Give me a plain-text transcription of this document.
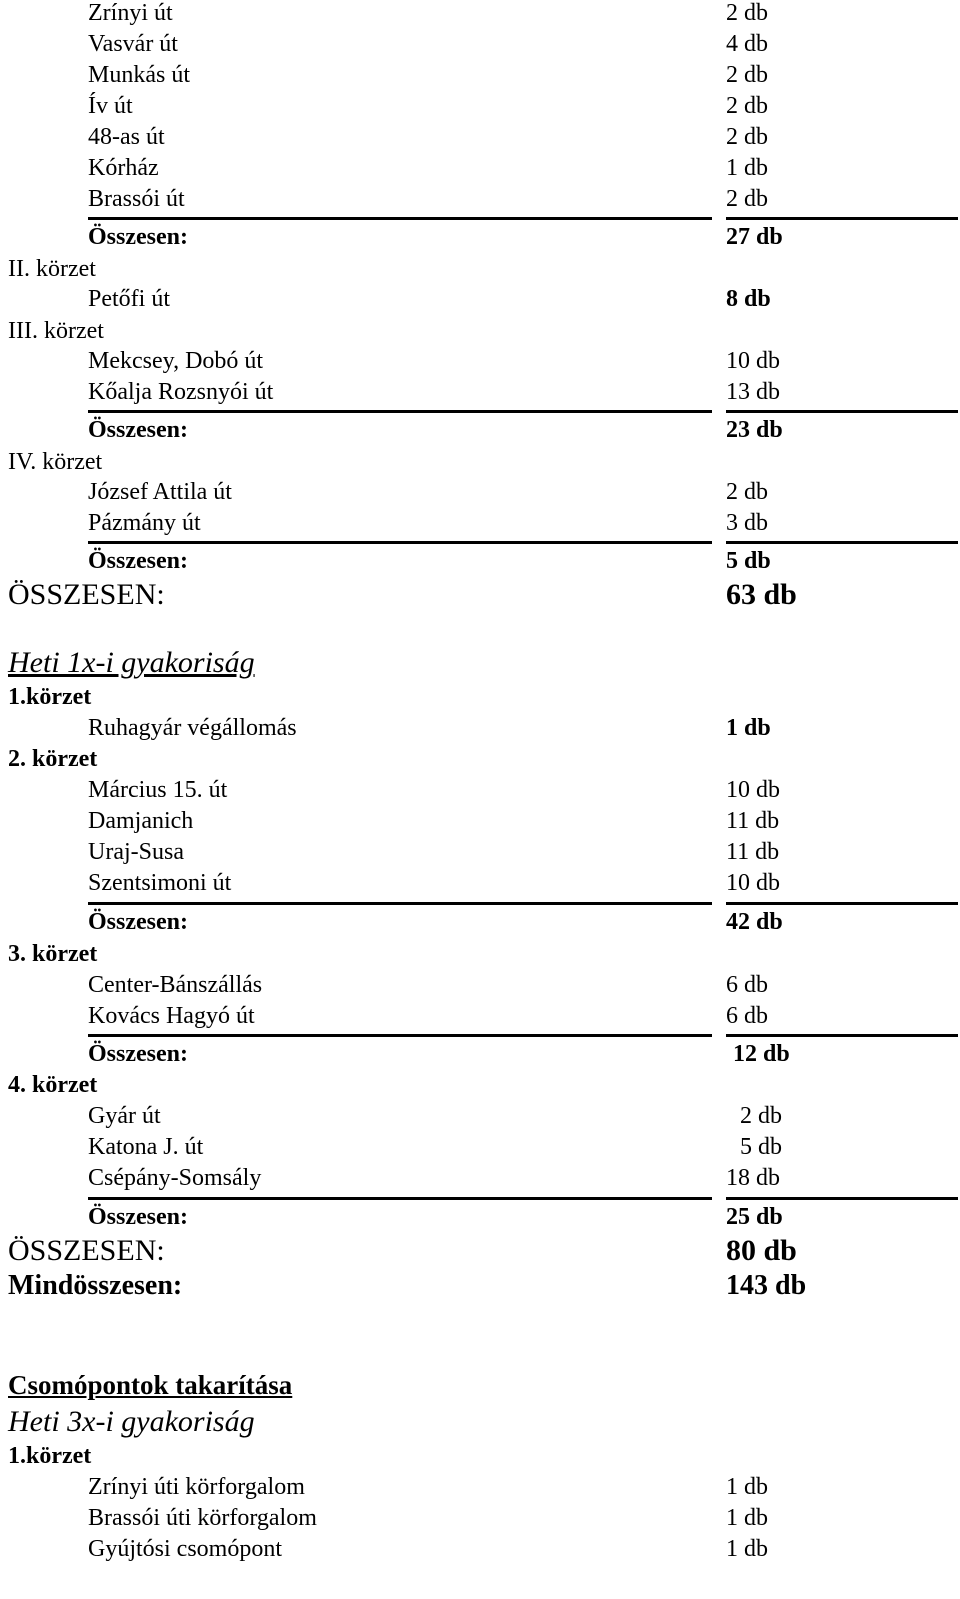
Zrínyi út	2 db
Vasvár út	4 db
Munkás út	2 db
Ív út	2 db
48-as út	2 db
Kórház	1 db
Brassói út	2 db
Összesen:	27 db
II. körzet
Petőfi út	8 db
III. körzet
Mekcsey, Dobó út	10 db
Kőalja Rozsnyói út	13 db
Összesen:	23 db
IV. körzet
József Attila út	2 db
Pázmány út	3 db
Összesen:	5 db
ÖSSZESEN:	63 db
Heti 1x-i gyakoriság
1.körzet
Ruhagyár végállomás	1 db
2. körzet
Március 15. út	10 db
Damjanich	11 db
Uraj-Susa	11 db
Szentsimoni út	10 db
Összesen:	42 db
3. körzet
Center-Bánszállás	6 db
Kovács Hagyó út	6 db
Összesen:	12 db
4. körzet
Gyár út	2 db
Katona J. út	5 db
Csépány-Somsály	18 db
Összesen:	25 db
ÖSSZESEN:	80 db
Mindösszesen:	143 db
Csomópontok takarítása
Heti 3x-i gyakoriság
1.körzet
Zrínyi úti körforgalom	1 db
Brassói úti körforgalom	1 db
Gyújtósi csomópont	1 db
